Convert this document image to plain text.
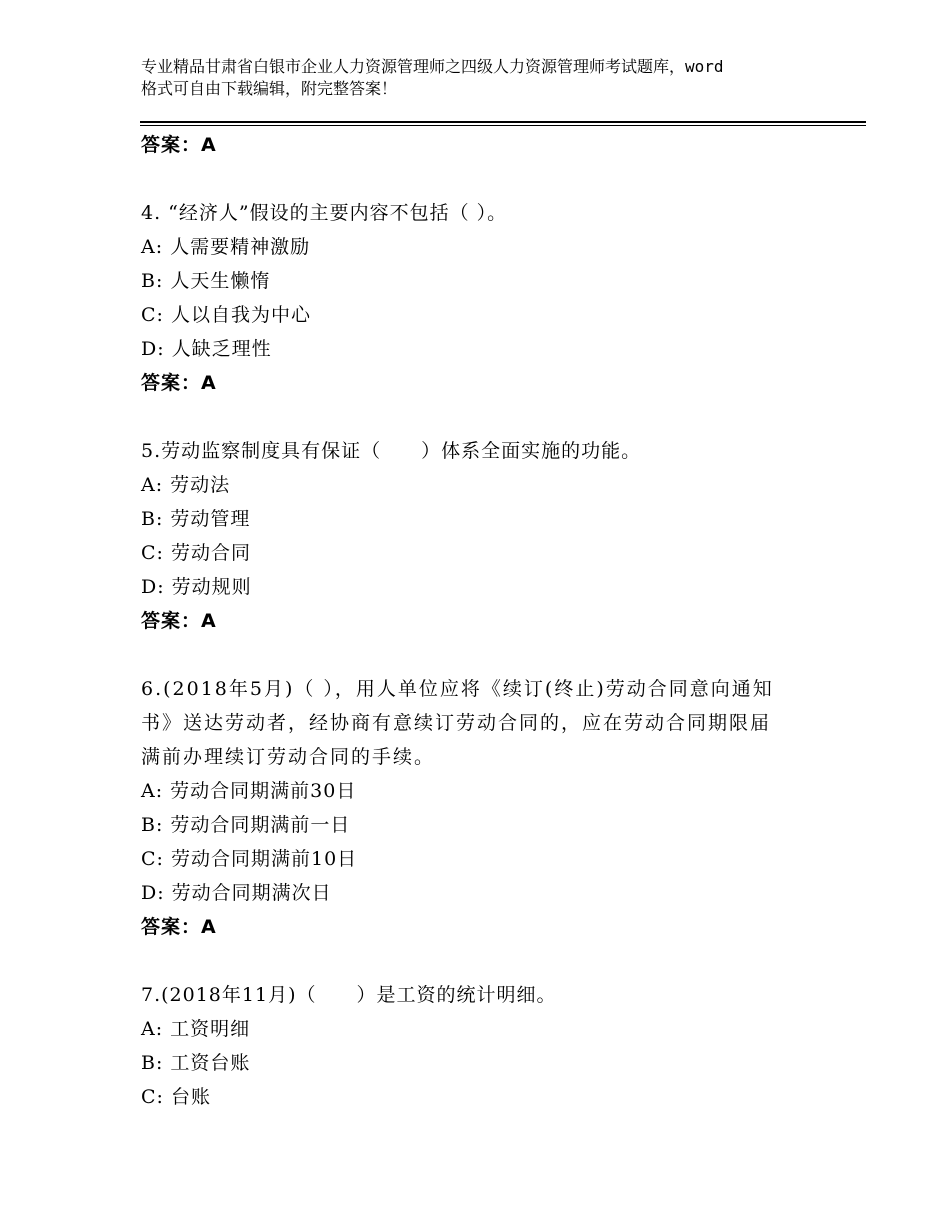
专业精品甘肃省白银市企业人力资源管理师之四级人力资源管理师考试题库，word
格式可自由下载编辑，附完整答案！
答案：A
4. “经济人”假设的主要内容不包括（ ）。
A: 人需要精神激励
B: 人天生懒惰
C: 人以自我为中心
D: 人缺乏理性
答案：A
5.劳动监察制度具有保证（　　）体系全面实施的功能。
A: 劳动法
B: 劳动管理
C: 劳动合同
D: 劳动规则
答案：A
6.(2018年5月)（ ），用人单位应将《续订(终止)劳动合同意向通知
书》送达劳动者，经协商有意续订劳动合同的，应在劳动合同期限届
满前办理续订劳动合同的手续。
A: 劳动合同期满前30日
B: 劳动合同期满前一日
C: 劳动合同期满前10日
D: 劳动合同期满次日
答案：A
7.(2018年11月)（　　）是工资的统计明细。
A: 工资明细
B: 工资台账
C: 台账
